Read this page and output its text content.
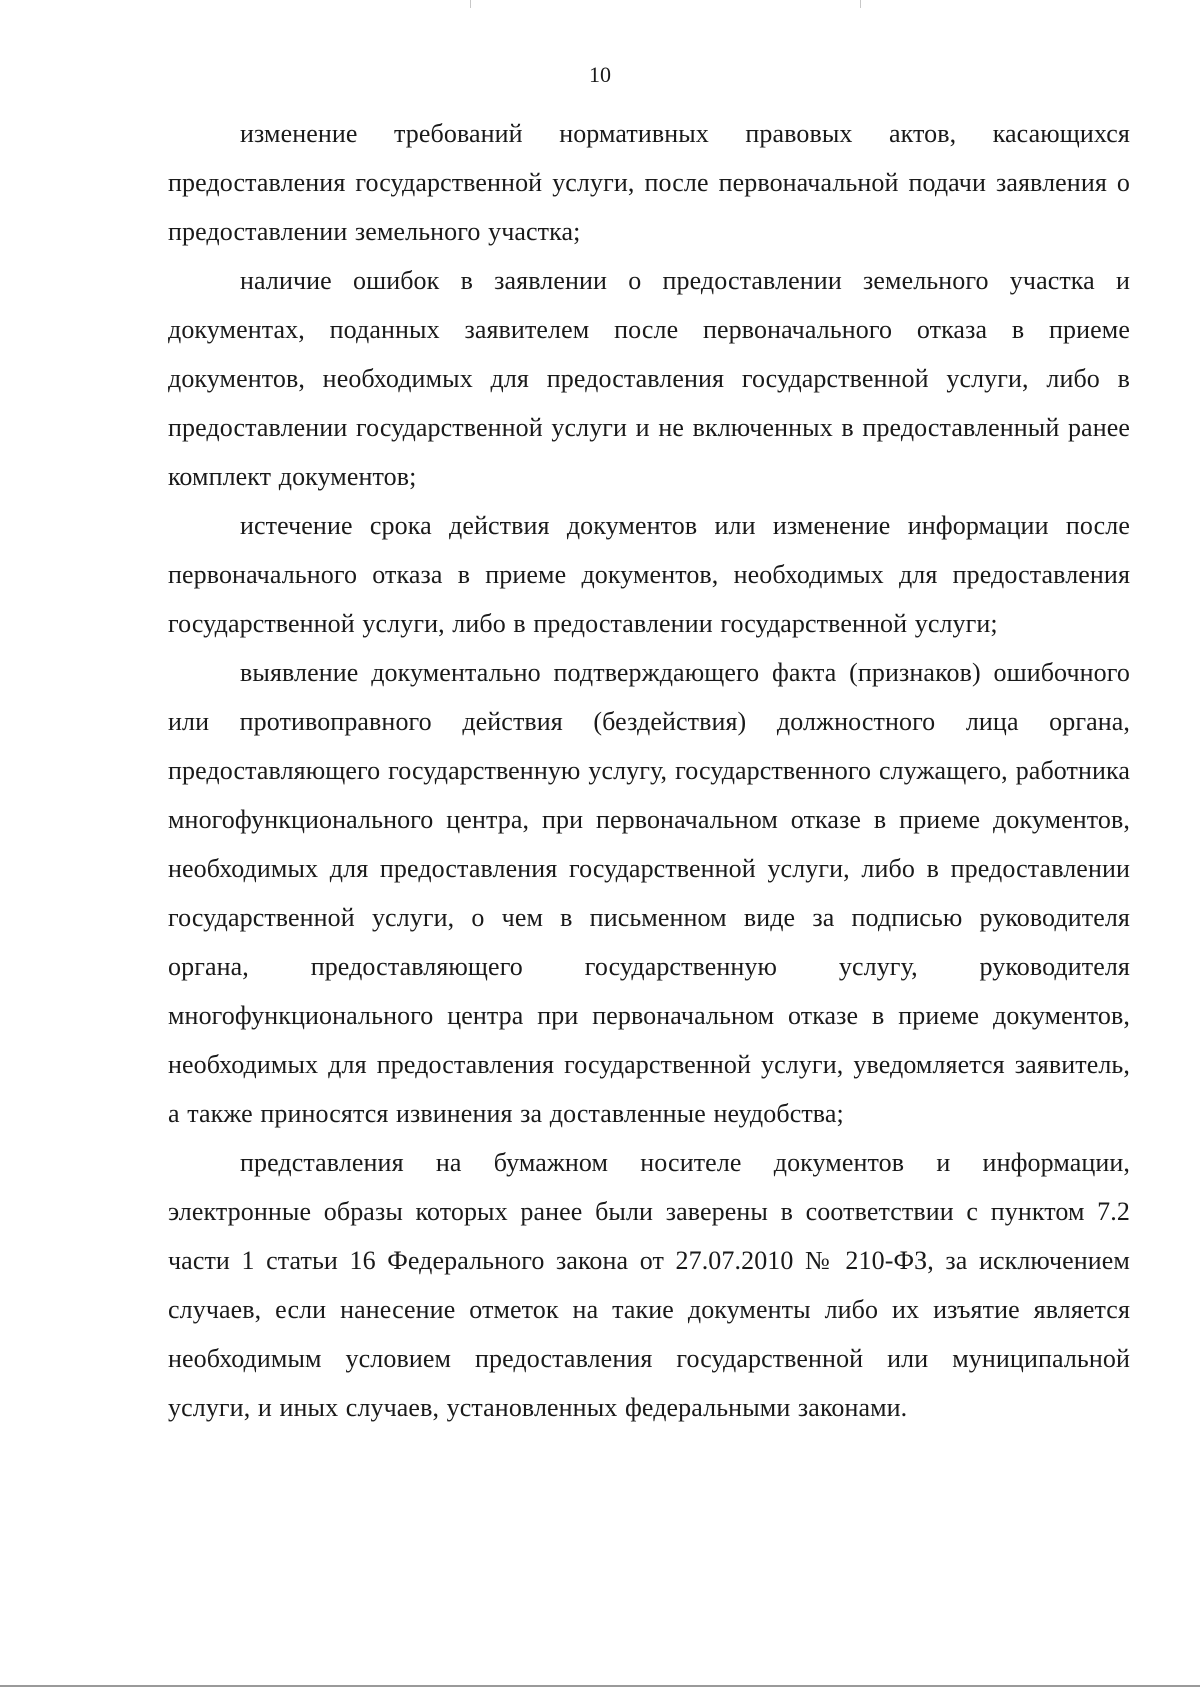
10

изменение требований нормативных правовых актов, касающихся предоставления государственной услуги, после первоначальной подачи заявления о предоставлении земельного участка;

наличие ошибок в заявлении о предоставлении земельного участка и документах, поданных заявителем после первоначального отказа в приеме документов, необходимых для предоставления государственной услуги, либо в предоставлении государственной услуги и не включенных в предоставленный ранее комплект документов;

истечение срока действия документов или изменение информации после первоначального отказа в приеме документов, необходимых для предоставления государственной услуги, либо в предоставлении государственной услуги;

выявление документально подтверждающего факта (признаков) ошибочного или противоправного действия (бездействия) должностного лица органа, предоставляющего государственную услугу, государственного служащего, работника многофункционального центра, при первоначальном отказе в приеме документов, необходимых для предоставления государственной услуги, либо в предоставлении государственной услуги, о чем в письменном виде за подписью руководителя органа, предоставляющего государственную услугу, руководителя многофункционального центра при первоначальном отказе в приеме документов, необходимых для предоставления государственной услуги, уведомляется заявитель, а также приносятся извинения за доставленные неудобства;

представления на бумажном носителе документов и информации, электронные образы которых ранее были заверены в соответствии с пунктом 7.2 части 1 статьи 16 Федерального закона от 27.07.2010 № 210-ФЗ, за исключением случаев, если нанесение отметок на такие документы либо их изъятие является необходимым условием предоставления государственной или муниципальной услуги, и иных случаев, установленных федеральными законами.
